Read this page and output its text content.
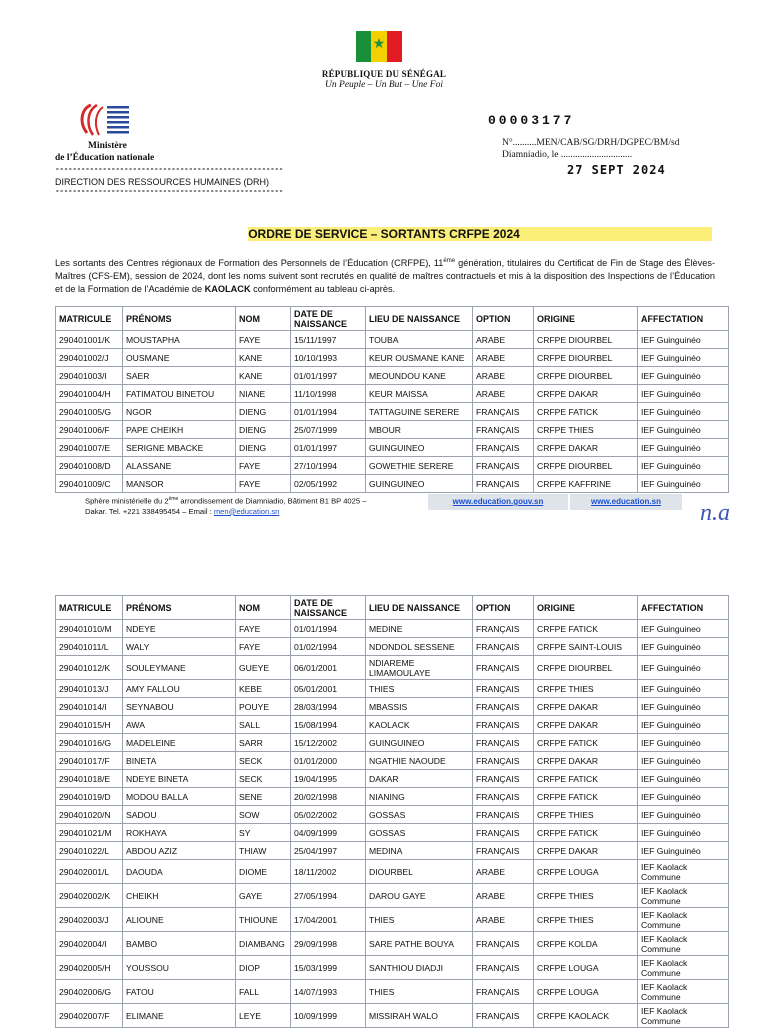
★
RÉPUBLIQUE DU SÉNÉGAL
Un Peuple – Un But – Une Foi
Ministère
de l’Éducation nationale
-----------------------------------------------------
DIRECTION DES RESSOURCES HUMAINES (DRH)
-----------------------------------------------------
00003177
N°..........MEN/CAB/SG/DRH/DGPEC/BM/sd
Diamniadio, le ..............................
27 SEPT 2024
ORDRE DE SERVICE – SORTANTS CRFPE 2024
Les sortants des Centres régionaux de Formation des Personnels de l’Éducation (CRFPE), 11ème génération, titulaires du Certificat de Fin de Stage des Élèves-Maîtres (CFS-EM), session de 2024, dont les noms suivent sont recrutés en qualité de maîtres contractuels et mis à la disposition des Inspections de l’Éducation et de la Formation de l’Académie de KAOLACK conformément au tableau ci-après.
MATRICULE	PRÉNOMS	NOM	DATE DE NAISSANCE	LIEU DE NAISSANCE	OPTION	ORIGINE	AFFECTATION
290401001/K	MOUSTAPHA	FAYE	15/11/1997	TOUBA	ARABE	CRFPE DIOURBEL	IEF Guinguinéo
290401002/J	OUSMANE	KANE	10/10/1993	KEUR OUSMANE KANE	ARABE	CRFPE DIOURBEL	IEF Guinguinéo
290401003/I	SAER	KANE	01/01/1997	MEOUNDOU KANE	ARABE	CRFPE DIOURBEL	IEF Guinguinéo
290401004/H	FATIMATOU BINETOU	NIANE	11/10/1998	KEUR MAISSA	ARABE	CRFPE DAKAR	IEF Guinguinéo
290401005/G	NGOR	DIENG	01/01/1994	TATTAGUINE SERERE	FRANÇAIS	CRFPE FATICK	IEF Guinguinéo
290401006/F	PAPE CHEIKH	DIENG	25/07/1999	MBOUR	FRANÇAIS	CRFPE THIES	IEF Guinguinéo
290401007/E	SERIGNE MBACKE	DIENG	01/01/1997	GUINGUINEO	FRANÇAIS	CRFPE DAKAR	IEF Guinguinéo
290401008/D	ALASSANE	FAYE	27/10/1994	GOWETHIE SERERE	FRANÇAIS	CRFPE DIOURBEL	IEF Guinguinéo
290401009/C	MANSOR	FAYE	02/05/1992	GUINGUINEO	FRANÇAIS	CRFPE KAFFRINE	IEF Guinguinéo
Sphère ministérielle du 2ème arrondissement de Diamniadio, Bâtiment B1 BP 4025 –
Dakar. Tel. +221 338495454 – Email : men@education.sn
www.education.gouv.sn	www.education.sn	n.a
MATRICULE	PRÉNOMS	NOM	DATE DE NAISSANCE	LIEU DE NAISSANCE	OPTION	ORIGINE	AFFECTATION
290401010/M	NDEYE	FAYE	01/01/1994	MEDINE	FRANÇAIS	CRFPE FATICK	IEF Guinguineo
290401011/L	WALY	FAYE	01/02/1994	NDONDOL SESSENE	FRANÇAIS	CRFPE SAINT-LOUIS	IEF Guinguinéo
290401012/K	SOULEYMANE	GUEYE	06/01/2001	NDIAREME LIMAMOULAYE	FRANÇAIS	CRFPE DIOURBEL	IEF Guinguinéo
290401013/J	AMY FALLOU	KEBE	05/01/2001	THIES	FRANÇAIS	CRFPE THIES	IEF Guinguinéo
290401014/I	SEYNABOU	POUYE	28/03/1994	MBASSIS	FRANÇAIS	CRFPE DAKAR	IEF Guinguinéo
290401015/H	AWA	SALL	15/08/1994	KAOLACK	FRANÇAIS	CRFPE DAKAR	IEF Guinguinéo
290401016/G	MADELEINE	SARR	15/12/2002	GUINGUINEO	FRANÇAIS	CRFPE FATICK	IEF Guinguinéo
290401017/F	BINETA	SECK	01/01/2000	NGATHIE NAOUDE	FRANÇAIS	CRFPE DAKAR	IEF Guinguinéo
290401018/E	NDEYE BINETA	SECK	19/04/1995	DAKAR	FRANÇAIS	CRFPE FATICK	IEF Guinguinéo
290401019/D	MODOU BALLA	SENE	20/02/1998	NIANING	FRANÇAIS	CRFPE FATICK	IEF Guinguinéo
290401020/N	SADOU	SOW	05/02/2002	GOSSAS	FRANÇAIS	CRFPE THIES	IEF Guinguinéo
290401021/M	ROKHAYA	SY	04/09/1999	GOSSAS	FRANÇAIS	CRFPE FATICK	IEF Guinguinéo
290401022/L	ABDOU AZIZ	THIAW	25/04/1997	MEDINA	FRANÇAIS	CRFPE DAKAR	IEF Guinguinéo
290402001/L	DAOUDA	DIOME	18/11/2002	DIOURBEL	ARABE	CRFPE LOUGA	IEF Kaolack Commune
290402002/K	CHEIKH	GAYE	27/05/1994	DAROU GAYE	ARABE	CRFPE THIES	IEF Kaolack Commune
290402003/J	ALIOUNE	THIOUNE	17/04/2001	THIES	ARABE	CRFPE THIES	IEF Kaolack Commune
290402004/I	BAMBO	DIAMBANG	29/09/1998	SARE PATHE BOUYA	FRANÇAIS	CRFPE KOLDA	IEF Kaolack Commune
290402005/H	YOUSSOU	DIOP	15/03/1999	SANTHIOU DIADJI	FRANÇAIS	CRFPE LOUGA	IEF Kaolack Commune
290402006/G	FATOU	FALL	14/07/1993	THIES	FRANÇAIS	CRFPE LOUGA	IEF Kaolack Commune
290402007/F	ELIMANE	LEYE	10/09/1999	MISSIRAH WALO	FRANÇAIS	CRFPE KAOLACK	IEF Kaolack Commune
